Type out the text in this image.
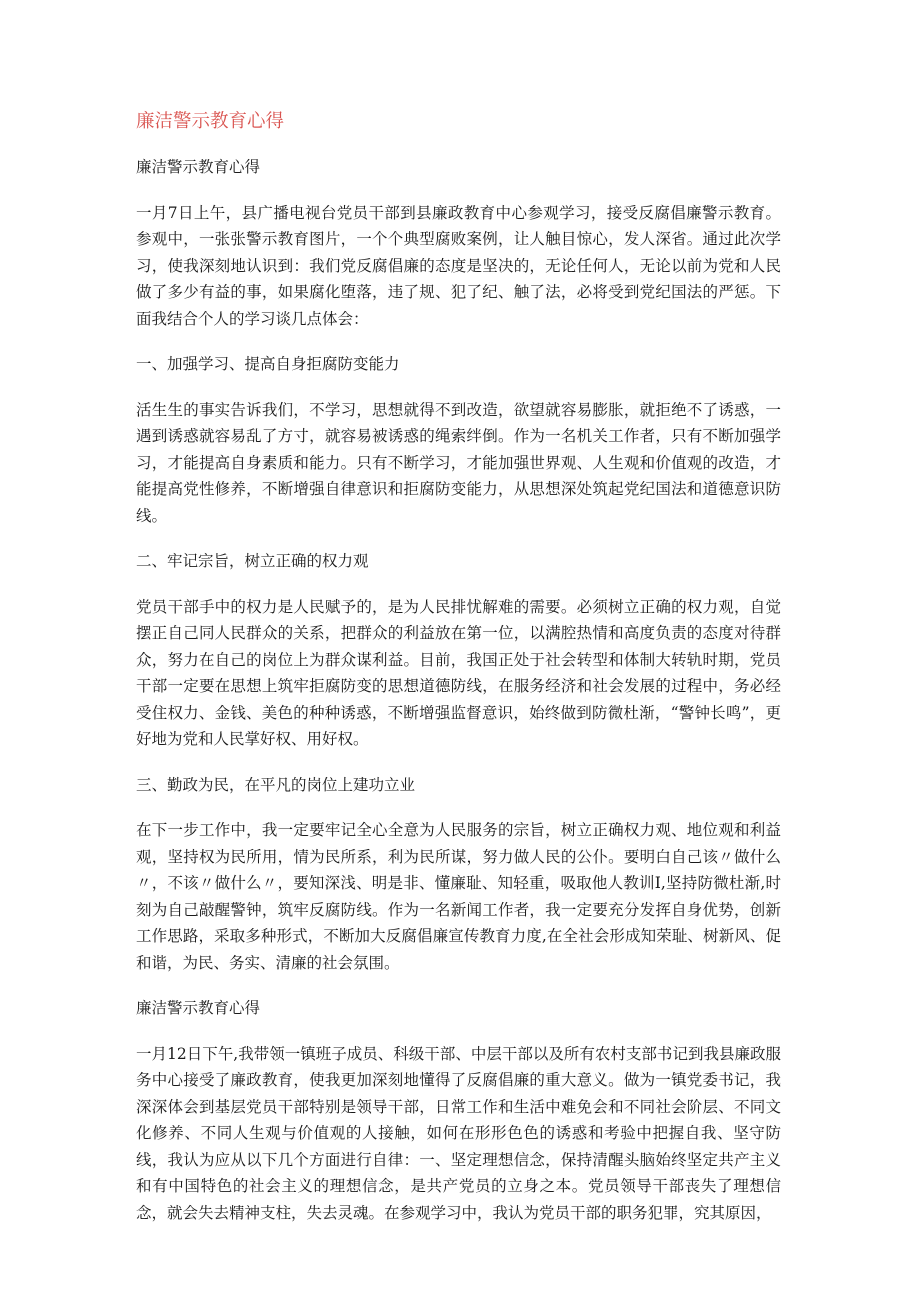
廉洁警示教育心得

廉洁警示教育心得

一月7日上午，县广播电视台党员干部到县廉政教育中心参观学习，接受反腐倡廉警示教育。参观中，一张张警示教育图片，一个个典型腐败案例，让人触目惊心，发人深省。通过此次学习，使我深刻地认识到：我们党反腐倡廉的态度是坚决的，无论任何人，无论以前为党和人民做了多少有益的事，如果腐化堕落，违了规、犯了纪、触了法，必将受到党纪国法的严惩。下面我结合个人的学习谈几点体会：

一、加强学习、提高自身拒腐防变能力

活生生的事实告诉我们，不学习，思想就得不到改造，欲望就容易膨胀，就拒绝不了诱惑，一遇到诱惑就容易乱了方寸，就容易被诱惑的绳索绊倒。作为一名机关工作者，只有不断加强学习，才能提高自身素质和能力。只有不断学习，才能加强世界观、人生观和价值观的改造，才能提高党性修养，不断增强自律意识和拒腐防变能力，从思想深处筑起党纪国法和道德意识防线。

二、牢记宗旨，树立正确的权力观

党员干部手中的权力是人民赋予的，是为人民排忧解难的需要。必须树立正确的权力观，自觉摆正自己同人民群众的关系，把群众的利益放在第一位，以满腔热情和高度负责的态度对待群众，努力在自己的岗位上为群众谋利益。目前，我国正处于社会转型和体制大转轨时期，党员干部一定要在思想上筑牢拒腐防变的思想道德防线，在服务经济和社会发展的过程中，务必经受住权力、金钱、美色的种种诱惑，不断增强监督意识，始终做到防微杜渐，“警钟长鸣”，更好地为党和人民掌好权、用好权。

三、勤政为民，在平凡的岗位上建功立业

在下一步工作中，我一定要牢记全心全意为人民服务的宗旨，树立正确权力观、地位观和利益观，坚持权为民所用，情为民所系，利为民所谋，努力做人民的公仆。要明白自己该〃做什么〃，不该〃做什么〃，要知深浅、明是非、懂廉耻、知轻重，吸取他人教训I,坚持防微杜渐,时刻为自己敲醒警钟，筑牢反腐防线。作为一名新闻工作者，我一定要充分发挥自身优势，创新工作思路，采取多种形式，不断加大反腐倡廉宣传教育力度,在全社会形成知荣耻、树新风、促和谐，为民、务实、清廉的社会氛围。

廉洁警示教育心得

一月12日下午,我带领一镇班子成员、科级干部、中层干部以及所有农村支部书记到我县廉政服务中心接受了廉政教育，使我更加深刻地懂得了反腐倡廉的重大意义。做为一镇党委书记，我深深体会到基层党员干部特别是领导干部，日常工作和生活中难免会和不同社会阶层、不同文化修养、不同人生观与价值观的人接触，如何在形形色色的诱惑和考验中把握自我、坚守防线，我认为应从以下几个方面进行自律：一、坚定理想信念，保持清醒头脑始终坚定共产主义和有中国特色的社会主义的理想信念，是共产党员的立身之本。党员领导干部丧失了理想信念，就会失去精神支柱，失去灵魂。在参观学习中，我认为党员干部的职务犯罪，究其原因，
